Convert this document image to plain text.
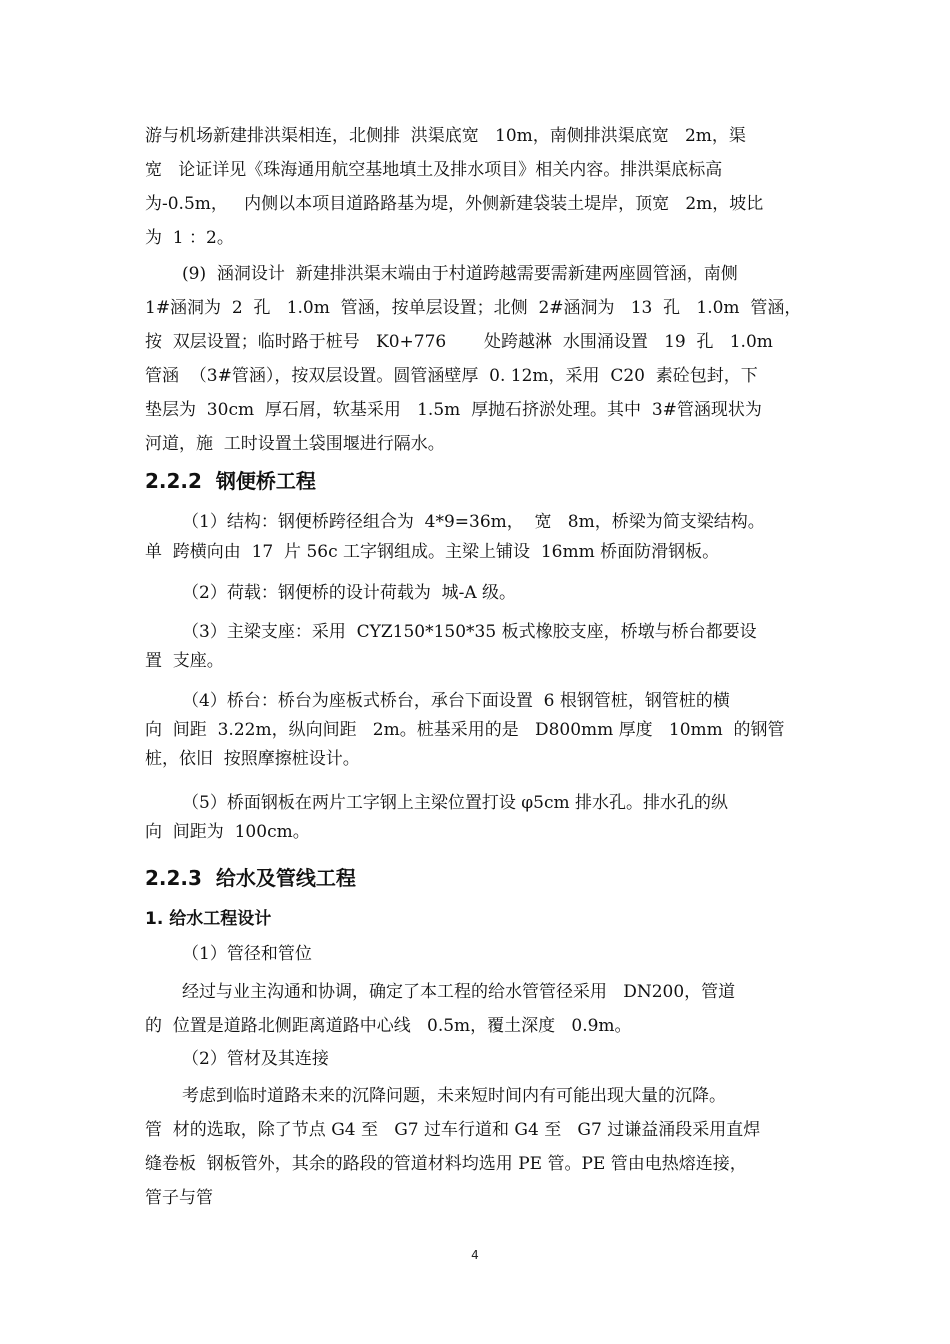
游与机场新建排洪渠相连，北侧排  洪渠底宽   10m，南侧排洪渠底宽   2m，渠
宽   论证详见《珠海通用航空基地填土及排水项目》相关内容。排洪渠底标高
为-0.5m，   内侧以本项目道路路基为堤，外侧新建袋装土堤岸，顶宽   2m，坡比
为  1 ：2。
(9)  涵洞设计  新建排洪渠末端由于村道跨越需要需新建两座圆管涵，南侧
1#涵洞为  2  孔   1.0m  管涵，按单层设置；北侧  2#涵洞为   13  孔   1.0m  管涵，
按  双层设置；临时路于桩号   K0+776       处跨越淋  水围涌设置   19  孔   1.0m
管涵  （3#管涵），按双层设置。圆管涵壁厚  0. 12m，采用  C20  素砼包封，下
垫层为  30cm  厚石屑，软基采用   1.5m  厚抛石挤淤处理。其中  3#管涵现状为
河道，施  工时设置土袋围堰进行隔水。
2.2.2  钢便桥工程
（1）结构：钢便桥跨径组合为  4*9=36m，  宽   8m，桥梁为简支梁结构。
单  跨横向由  17  片 56c 工字钢组成。主梁上铺设  16mm 桥面防滑钢板。
（2）荷载：钢便桥的设计荷载为  城-A 级。
（3）主梁支座：采用  CYZ150*150*35 板式橡胶支座，桥墩与桥台都要设
置  支座。
（4）桥台：桥台为座板式桥台，承台下面设置  6 根钢管桩，钢管桩的横
向  间距  3.22m，纵向间距   2m。桩基采用的是   D800mm 厚度   10mm  的钢管
桩，依旧  按照摩擦桩设计。
（5）桥面钢板在两片工字钢上主梁位置打设 φ5cm 排水孔。排水孔的纵
向  间距为  100cm。
2.2.3  给水及管线工程
1. 给水工程设计
（1）管径和管位
经过与业主沟通和协调，确定了本工程的给水管管径采用   DN200，管道
的  位置是道路北侧距离道路中心线   0.5m，覆土深度   0.9m。
（2）管材及其连接
考虑到临时道路未来的沉降问题，未来短时间内有可能出现大量的沉降。
管  材的选取，除了节点 G4 至   G7 过车行道和 G4 至   G7 过谦益涌段采用直焊
缝卷板  钢板管外，其余的路段的管道材料均选用 PE 管。PE 管由电热熔连接，
管子与管
4
